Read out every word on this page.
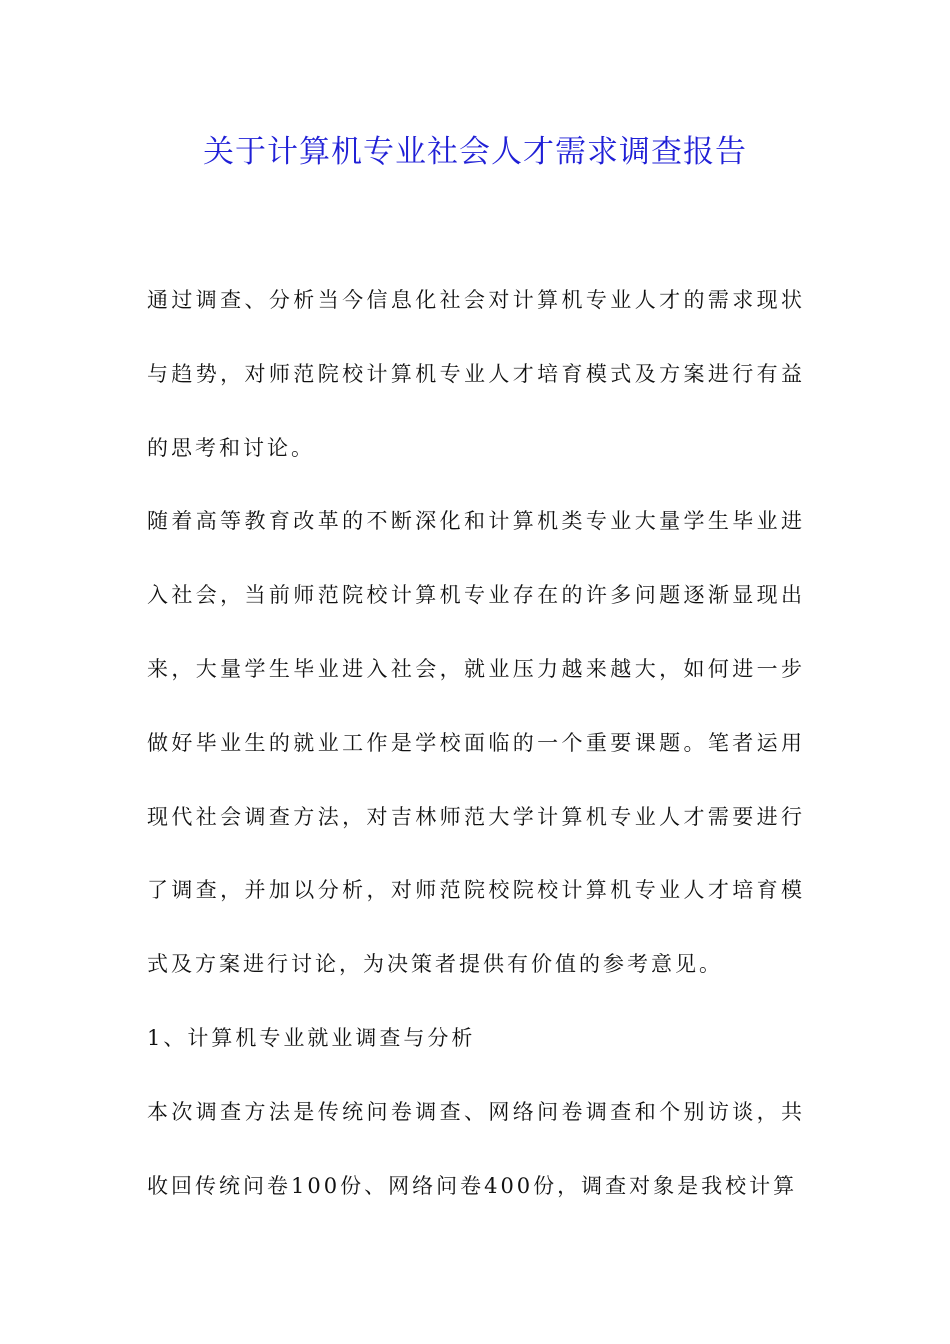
关于计算机专业社会人才需求调查报告

通过调查、分析当今信息化社会对计算机专业人才的需求现状与趋势，对师范院校计算机专业人才培育模式及方案进行有益的思考和讨论。

随着高等教育改革的不断深化和计算机类专业大量学生毕业进入社会，当前师范院校计算机专业存在的许多问题逐渐显现出来，大量学生毕业进入社会，就业压力越来越大，如何进一步做好毕业生的就业工作是学校面临的一个重要课题。笔者运用现代社会调查方法，对吉林师范大学计算机专业人才需要进行了调查，并加以分析，对师范院校院校计算机专业人才培育模式及方案进行讨论，为决策者提供有价值的参考意见。

1、计算机专业就业调查与分析

本次调查方法是传统问卷调查、网络问卷调查和个别访谈，共收回传统问卷100份、网络问卷400份，调查对象是我校计算
